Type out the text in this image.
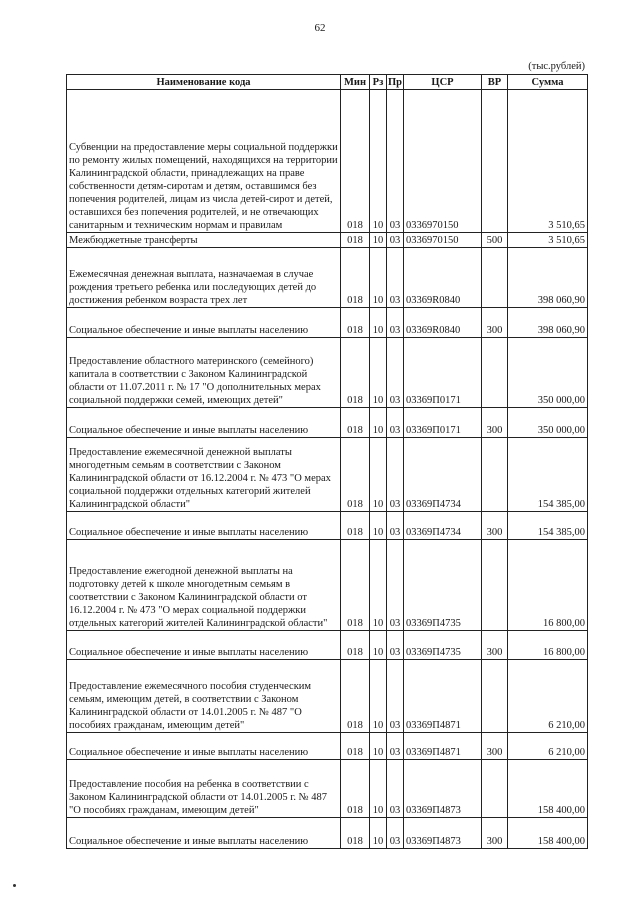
62
(тыс.рублей)
Наименование кода	Мин	Рз	Пр	ЦСР	ВР	Сумма
Субвенции на предоставление меры социальной поддержки по ремонту жилых помещений, находящихся на территории Калининградской области, принадлежащих на праве собственности детям-сиротам и детям, оставшимся без попечения родителей, лицам из числа детей-сирот и детей, оставшихся без попечения родителей, и не отвечающих санитарным и техническим нормам и правилам	018	10	03	0336970150		3 510,65
Межбюджетные трансферты	018	10	03	0336970150	500	3 510,65
Ежемесячная денежная выплата, назначаемая в случае рождения третьего ребенка или последующих детей до достижения ребенком возраста трех лет	018	10	03	03369R0840		398 060,90
Социальное обеспечение и иные выплаты населению	018	10	03	03369R0840	300	398 060,90
Предоставление областного материнского (семейного) капитала в соответствии с Законом Калининградской области от 11.07.2011 г. № 17 "О дополнительных мерах социальной поддержки семей, имеющих детей"	018	10	03	03369П0171		350 000,00
Социальное обеспечение и иные выплаты населению	018	10	03	03369П0171	300	350 000,00
Предоставление ежемесячной денежной выплаты многодетным семьям в соответствии с Законом Калининградской области от 16.12.2004 г. № 473 "О мерах социальной поддержки отдельных категорий жителей Калининградской области"	018	10	03	03369П4734		154 385,00
Социальное обеспечение и иные выплаты населению	018	10	03	03369П4734	300	154 385,00
Предоставление ежегодной денежной выплаты на подготовку детей к школе многодетным семьям в соответствии с Законом Калининградской области от 16.12.2004 г. № 473 "О мерах социальной поддержки отдельных категорий жителей Калининградской области"	018	10	03	03369П4735		16 800,00
Социальное обеспечение и иные выплаты населению	018	10	03	03369П4735	300	16 800,00
Предоставление ежемесячного пособия студенческим семьям, имеющим детей, в соответствии с Законом Калининградской области от 14.01.2005 г. № 487 "О пособиях гражданам, имеющим детей"	018	10	03	03369П4871		6 210,00
Социальное обеспечение и иные выплаты населению	018	10	03	03369П4871	300	6 210,00
Предоставление пособия на ребенка в соответствии с Законом Калининградской области от 14.01.2005 г. № 487 "О пособиях гражданам, имеющим детей"	018	10	03	03369П4873		158 400,00
Социальное обеспечение и иные выплаты населению	018	10	03	03369П4873	300	158 400,00
